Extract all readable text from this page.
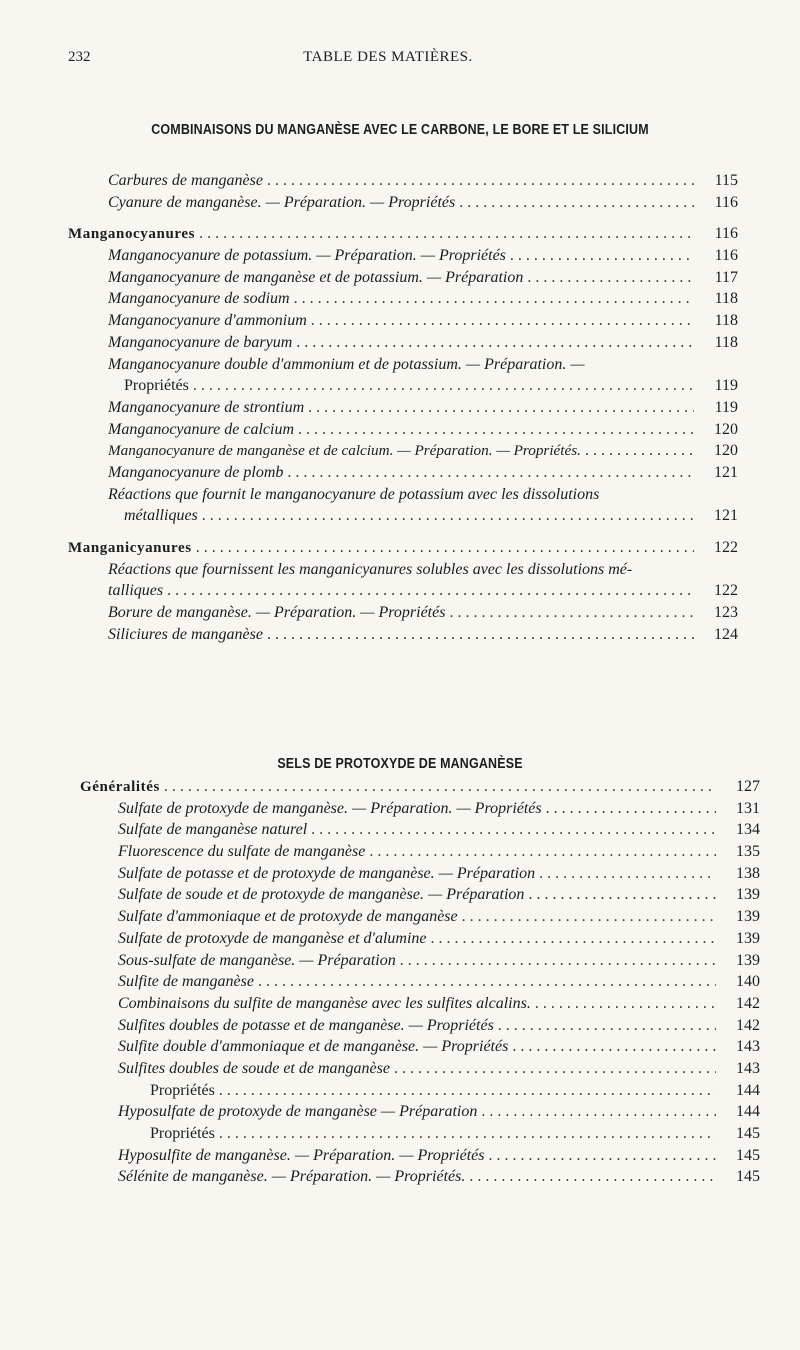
232	TABLE DES MATIÈRES.
COMBINAISONS DU MANGANÈSE AVEC LE CARBONE, LE BORE ET LE SILICIUM
Carbures de manganèse . . .	115
Cyanure de manganèse. — Préparation. — Propriétés . . .	116
Manganocyanures . . .	116
Manganocyanure de potassium. — Préparation. — Propriétés . . .	116
Manganocyanure de manganèse et de potassium. — Préparation . . .	117
Manganocyanure de sodium . . .	118
Manganocyanure d'ammonium . . .	118
Manganocyanure de baryum . . .	118
Manganocyanure double d'ammonium et de potassium. — Préparation. —
Propriétés . . .	119
Manganocyanure de strontium . . .	119
Manganocyanure de calcium . . .	120
Manganocyanure de manganèse et de calcium. — Préparation. — Propriétés. . . .	120
Manganocyanure de plomb . . .	121
Réactions que fournit le manganocyanure de potassium avec les dissolutions
métalliques . . .	121
Manganicyanures . . .	122
Réactions que fournissent les manganicyanures solubles avec les dissolutions mé-
talliques . . .	122
Borure de manganèse. — Préparation. — Propriétés . . .	123
Siliciures de manganèse . . .	124
SELS DE PROTOXYDE DE MANGANÈSE
Généralités . . .	127
Sulfate de protoxyde de manganèse. — Préparation. — Propriétés . . .	131
Sulfate de manganèse naturel . . .	134
Fluorescence du sulfate de manganèse . . .	135
Sulfate de potasse et de protoxyde de manganèse. — Préparation . . .	138
Sulfate de soude et de protoxyde de manganèse. — Préparation . . .	139
Sulfate d'ammoniaque et de protoxyde de manganèse . . .	139
Sulfate de protoxyde de manganèse et d'alumine . . .	139
Sous-sulfate de manganèse. — Préparation . . .	139
Sulfite de manganèse . . .	140
Combinaisons du sulfite de manganèse avec les sulfites alcalins. . . .	142
Sulfites doubles de potasse et de manganèse. — Propriétés . . .	142
Sulfite double d'ammoniaque et de manganèse. — Propriétés . . .	143
Sulfites doubles de soude et de manganèse . . .	143
Propriétés . . .	144
Hyposulfate de protoxyde de manganèse — Préparation . . .	144
Propriétés . . .	145
Hyposulfite de manganèse. — Préparation. — Propriétés . . .	145
Sélénite de manganèse. — Préparation. — Propriétés. . . .	145
